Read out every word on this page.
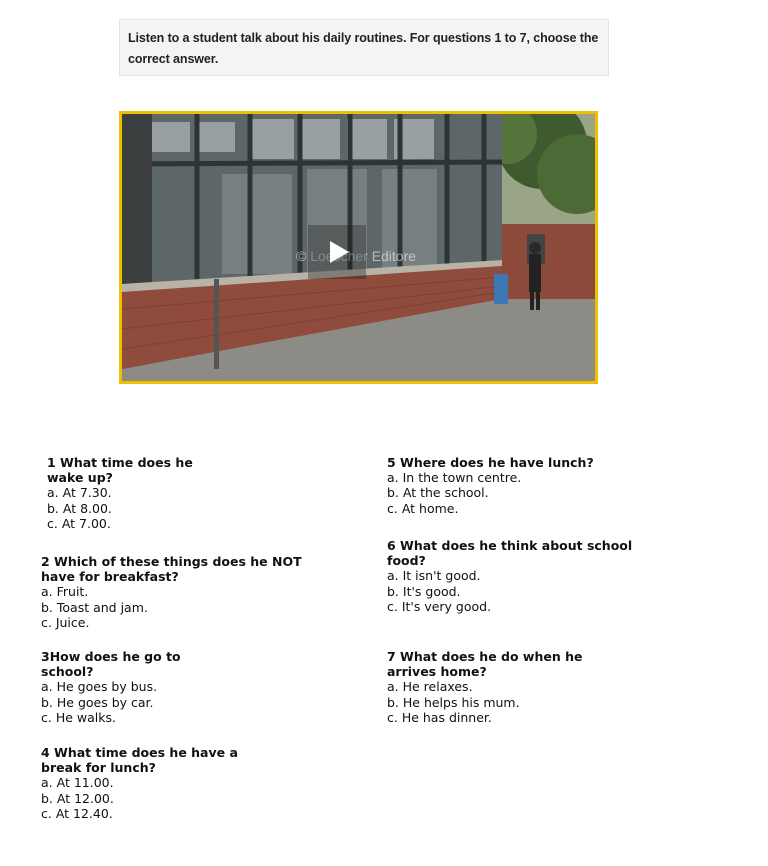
Listen to a student talk about his daily routines. For questions 1 to 7, choose the correct answer.
© Loescher Editore
1 What time does he
wake up?
a. At 7.30.
b. At 8.00.
c. At 7.00.
2 Which of these things does he NOT
have for breakfast?
a. Fruit.
b. Toast and jam.
c. Juice.
3How does he go to
school?
a. He goes by bus.
b. He goes by car.
c. He walks.
4 What time does he have a
break for lunch?
a. At 11.00.
b. At 12.00.
c. At 12.40.
5 Where does he have lunch?
a. In the town centre.
b. At the school.
c. At home.
6 What does he think about school
food?
a. It isn't good.
b. It's good.
c. It's very good.
7 What does he do when he
arrives home?
a. He relaxes.
b. He helps his mum.
c. He has dinner.
